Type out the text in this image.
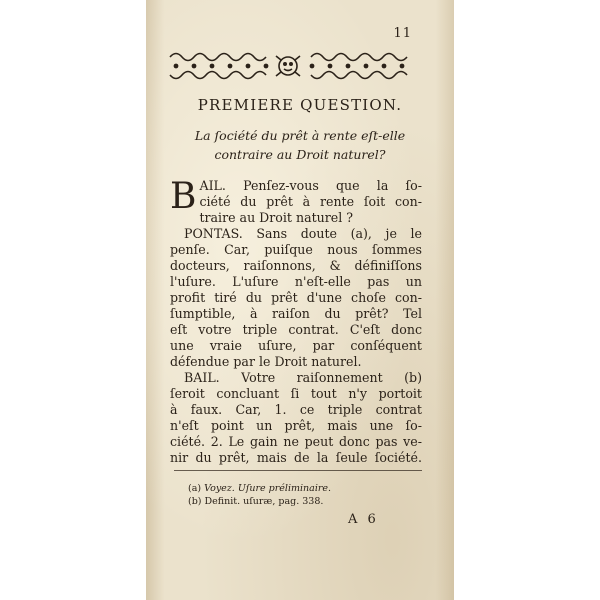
11
PREMIERE QUESTION.
La ſociété du prêt à rente eſt-elle
contraire au Droit naturel?
B AIL. Penſez-vous que la ſo-
ciété du prêt à rente ſoit con-
traire au Droit naturel ?
PONTAS. Sans doute (a), je le
penſe. Car, puiſque nous ſommes
docteurs, raiſonnons, & définiſſons
l'uſure. L'uſure n'eſt-elle pas un
profit tiré du prêt d'une choſe con-
ſumptible, à raiſon du prêt? Tel
eſt votre triple contrat. C'eſt donc
une vraie uſure, par conſéquent
défendue par le Droit naturel.
BAIL. Votre raiſonnement (b)
ſeroit concluant ſi tout n'y portoit
à faux. Car, 1. ce triple contrat
n'eſt point un prêt, mais une ſo-
ciété. 2. Le gain ne peut donc pas ve-
nir du prêt, mais de la ſeule ſociété.
(a) Voyez. Uſure préliminaire.
(b) Definit. uſuræ, pag. 338.
A 6
